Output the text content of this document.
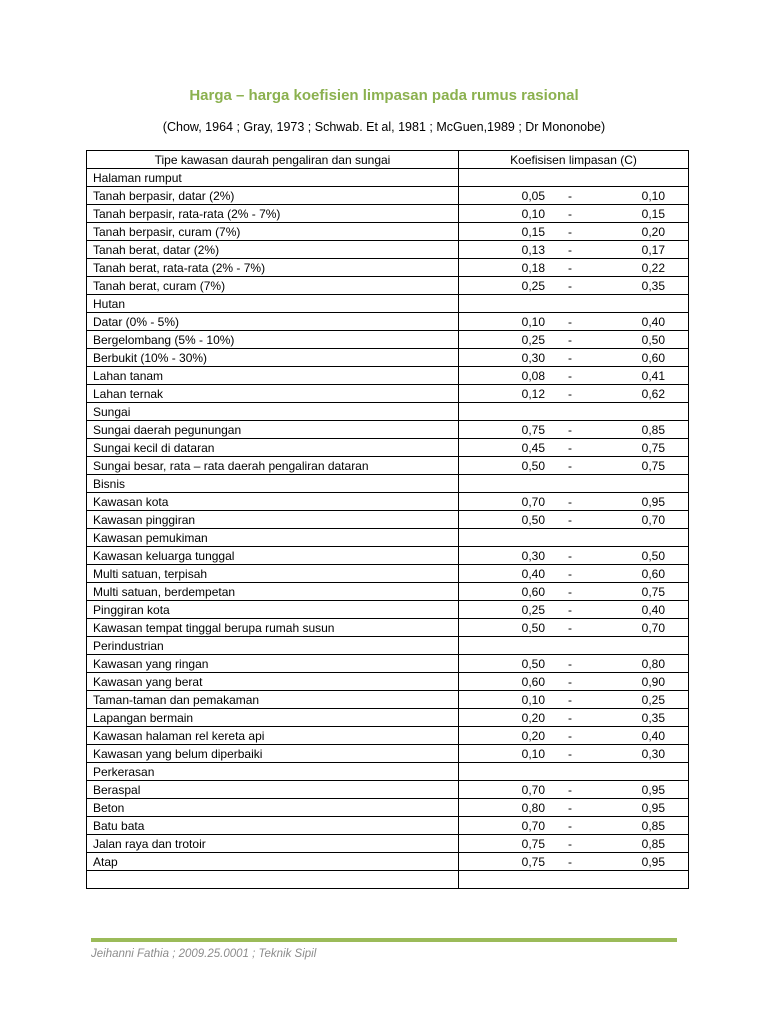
Harga – harga koefisien limpasan pada rumus rasional
(Chow, 1964 ; Gray, 1973 ; Schwab. Et al, 1981 ; McGuen,1989 ; Dr Mononobe)
Tipe kawasan daurah pengaliran dan sungai	Koefisisen limpasan (C)
Halaman rumput	
Tanah berpasir, datar (2%)	0,05 - 0,10

Tanah berpasir, rata-rata (2% - 7%)	0,10 - 0,15

Tanah berpasir, curam (7%)	0,15 - 0,20

Tanah berat, datar (2%)	0,13 - 0,17

Tanah berat, rata-rata (2% - 7%)	0,18 - 0,22

Tanah berat, curam (7%)	0,25 - 0,35

Hutan	
Datar (0% - 5%)	0,10 - 0,40

Bergelombang (5% - 10%)	0,25 - 0,50

Berbukit (10% - 30%)	0,30 - 0,60

Lahan tanam	0,08 - 0,41

Lahan ternak	0,12 - 0,62

Sungai	
Sungai daerah pegunungan	0,75 - 0,85

Sungai kecil di dataran	0,45 - 0,75

Sungai besar, rata – rata daerah pengaliran dataran	0,50 - 0,75

Bisnis	
Kawasan kota	0,70 - 0,95

Kawasan pinggiran	0,50 - 0,70

Kawasan pemukiman	
Kawasan keluarga tunggal	0,30 - 0,50

Multi satuan, terpisah	0,40 - 0,60

Multi satuan, berdempetan	0,60 - 0,75

Pinggiran kota	0,25 - 0,40

Kawasan tempat tinggal berupa rumah susun	0,50 - 0,70

Perindustrian	
Kawasan yang ringan	0,50 - 0,80

Kawasan yang berat	0,60 - 0,90

Taman-taman dan pemakaman	0,10 - 0,25

Lapangan bermain	0,20 - 0,35

Kawasan halaman rel kereta api	0,20 - 0,40

Kawasan yang belum diperbaiki	0,10 - 0,30

Perkerasan	
Beraspal	0,70 - 0,95

Beton	0,80 - 0,95

Batu bata	0,70 - 0,85

Jalan raya dan trotoir	0,75 - 0,85

Atap	0,75 - 0,95

Jeihanni Fathia ; 2009.25.0001 ; Teknik Sipil
